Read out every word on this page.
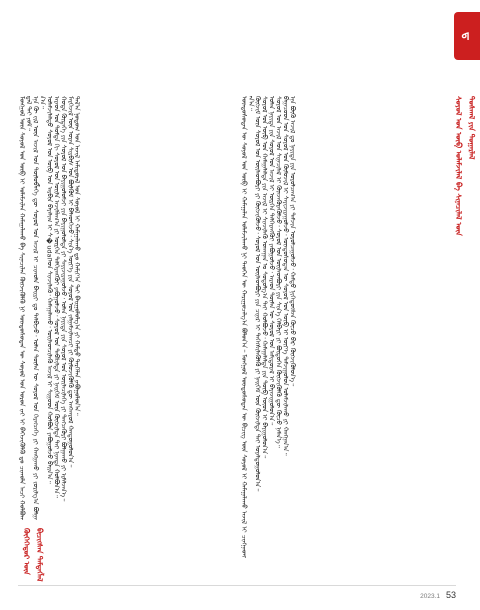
ᠳ
ᠮᠣᠩᠭᠣᠯ ᠦᠨ ᠰᠣᠶᠣᠯ ᠤᠨ ᠦᠪ ᠢ ᠤᠯᠠᠮᠵᠢᠯᠠᠨ ᠬᠠᠮᠠᠭᠠᠯᠠᠬᠤ ᠪᠠ ᠰᠢᠨᠡᠴᠢᠯᠡᠨ ᠬᠥᠭᠵᠢᠭᠦᠯᠬᠦ ᠨᠢ ᠦᠨᠳᠦᠰᠦᠲᠡᠨ ᠦ ᠰᠣᠶᠣᠯ ᠤᠨ ᠣᠷᠣᠨ ᠵᠠᠶ ᠢ ᠪᠡᠬᠡᠵᠢᠭᠦᠯᠬᠦ ᠳᠤ ᠴᠢᠬᠤᠯᠠ ᠠᠴᠢ ᠬᠣᠯᠪᠣᠭᠳᠠᠯ ᠲᠠᠢ ᠶᠤᠮ᠃
ᠡᠨᠡ ᠬᠦ ᠵᠢᠯ ᠦᠨ ᠠᠵᠢᠯ ᠤᠨ ᠲᠥᠯᠥᠪᠯᠡᠭᠡ ᠳᠦ ᠰᠣᠶᠣᠯ ᠤᠨ ᠠᠵᠢᠯ ᠢ ᠴᠢᠬᠤᠯᠠ ᠪᠠᠢᠷᠢ ᠳᠤ ᠲᠠᠯᠪᠢᠵᠤ᠂ ᠣᠯᠠᠨ ᠲᠦᠮᠡᠨ ᠦ ᠰᠣᠶᠣᠯ ᠤᠨ ᠬᠡᠷᠡᠭᠴᠡᠭᠡ ᠶᠢ ᠬᠠᠩᠭᠠᠬᠤ ᠶᠢ ᠵᠣᠷᠢᠯᠭ᠎ᠠ ᠪᠣᠯᠭᠠᠨ᠎ᠠ᠃
ᠤᠯᠠᠮᠵᠢᠯᠠᠯᠲᠤ ᠰᠣᠶᠣᠯ ᠤᠨ ᠦᠪ ᠤᠨ ᠠᠷᠪᠢᠨ ᠪᠠᠶᠠᠯᠢᠭ ᠢ ᠰ�udalᠤᠨ ᠰᠢᠨᠵᠢᠯᠡᠬᠦ᠂ ᠬᠠᠮᠠᠭᠠᠯᠠᠬᠤ᠂ ᠦᠢᠯᠡᠳᠴᠢᠯᠡᠬᠦ ᠠᠵᠢᠯ ᠢ ᠰᠢᠭᠤᠳ ᠬᠣᠯᠪᠣᠨ ᠶᠠᠪᠤᠭᠤᠯᠵᠤ ᠪᠠᠢᠨ᠎ᠠ᠃
ᠠᠷᠠᠳ ᠤᠨ ᠳᠤᠮᠳᠠ ᠬᠢ ᠰᠣᠶᠣᠯ ᠤᠨ ᠦᠢᠯᠡ ᠠᠵᠢᠯᠯᠠᠭ᠎ᠠ ᠶᠢ ᠥᠷᠭᠡᠨ ᠳᠡᠯᠭᠡᠷᠡᠩᠭᠦᠢ ᠶᠠᠪᠤᠭᠤᠯᠵᠤ᠂ ᠰᠣᠶᠣᠯ ᠤᠨ ᠳᠡᠪᠰᠢᠯᠲᠡ ᠶᠢ ᠨᠡᠢᠭᠡᠮ ᠦᠨ ᠬᠥᠭᠵᠢᠯᠲᠡ ᠲᠡᠢ ᠨᠢᠭᠲᠠ ᠬᠣᠯᠪᠣᠨ᠎ᠠ᠃
ᠬᠣᠲᠠ ᠬᠥᠳᠡᠭᠡ ᠶᠢᠨ ᠰᠣᠶᠣᠯ ᠤᠨ ᠪᠠᠶᠢᠭᠤᠯᠤᠮᠵᠢ ᠶᠢᠨ ᠪᠠᠶᠢᠭᠤᠯᠤᠯᠲᠠ ᠶᠢ ᠰᠠᠶᠢᠵᠢᠷᠠᠭᠤᠯᠵᠤ᠂ ᠣᠯᠠᠨ ᠨᠡᠶᠢᠲᠡ ᠶᠢᠨ ᠰᠣᠶᠣᠯ ᠤᠨ ᠦᠢᠯᠡᠴᠢᠯᠡᠭᠡ ᠶᠢ ᠲᠡᠩᠴᠡᠭᠦᠷᠢ ᠪᠣᠯᠭᠠᠬᠤ ᠶᠢ ᠡᠷᠮᠡᠯᠵᠡᠨ᠎ᠡ᠃
ᠮᠡᠷᠭᠡᠵᠢᠯ ᠦᠨ ᠤᠷᠠᠨ ᠰᠢᠷᠪᠢᠰ ᠤᠨ ᠪᠦᠯᠬᠦᠮ ᠢ ᠪᠡᠯᠡᠳᠬᠡᠵᠦ᠂ ᠰᠢᠨ᠎ᠡ ᠦᠶ᠎ᠡ ᠶᠢᠨ ᠰᠣᠶᠣᠯ ᠤᠨ ᠵᠠᠯᠭᠠᠮᠵᠢᠯᠠᠭᠴᠢ ᠶᠢ ᠬᠥᠮᠦᠵᠢᠭᠦᠯᠬᠦ ᠳᠦ ᠠᠩᠬᠠᠷᠤᠯ ᠬᠠᠨᠳᠤᠭᠤᠯᠤᠨ᠎ᠠ᠃
ᠲᠠᠯ᠎ᠠ ᠨᠤᠲᠤᠭ ᠤᠨ ᠠᠵᠢᠯ ᠠᠮᠢᠳᠤᠷᠠᠯ ᠤᠨ ᠰᠣᠶᠣᠯ ᠢ ᠬᠠᠮᠠᠭᠠᠯᠠᠬᠤ ᠳᠤ ᠬᠠᠮᠢᠶ᠎ᠠ ᠲᠡᠢ ᠪᠠᠢᠭᠤᠯᠤᠯᠭ᠎ᠠ ᠶᠢ ᠬᠠᠮᠲᠤ ᠲᠡᠷᠭᠡᠯᠡᠨ ᠶᠠᠪᠤᠭᠤᠯᠤᠨ᠎ᠠ᠃	ᠦᠨᠳᠦᠰᠦᠲᠡᠨ ᠦ ᠰᠣᠶᠣᠯ ᠤᠨ ᠦᠪ ᠢ ᠬᠠᠮᠠᠭᠠᠯᠠᠨ ᠤᠯᠠᠮᠵᠢᠯᠠᠬᠤ ᠨᠢ ᠲᠡᠦᠬᠡᠨ ᠦ ᠬᠠᠷᠢᠭᠤᠴᠠᠯᠭ᠎ᠠ ᠪᠣᠯᠣᠨ᠎ᠠ᠃ ᠮᠣᠩᠭᠣᠯ ᠦᠨᠳᠦᠰᠦᠲᠡᠨ ᠦ ᠪᠢᠴᠢᠭ ᠦᠨ ᠰᠣᠶᠣᠯ ᠢ ᠬᠠᠮᠠᠭᠠᠯᠠᠬᠤ ᠠᠵᠢᠯ ᠢ ᠴᠢᠩᠭᠠᠳᠬᠠᠨ᠎ᠠ᠃
ᠬᠥᠭᠵᠢᠮ ᠦᠨ ᠰᠣᠶᠣᠯ ᠤᠨ ᠦᠢᠯᠡᠳᠪᠦᠷᠢ ᠶᠢ ᠬᠥᠭᠵᠢᠭᠦᠯᠵᠦ᠂ ᠰᠣᠶᠣᠯ ᠤᠨ ᠦᠢᠯᠡᠳᠪᠦᠷᠢ ᠶᠢᠨ ᠴᠢᠨᠠᠷ ᠢ ᠳᠡᠭᠡᠭᠰᠢᠯᠡᠭᠦᠯᠬᠦ ᠶᠢ ᠨᠡᠢᠭᠡᠮ ᠦᠨ ᠬᠥᠭᠵᠢᠯᠲᠡ ᠲᠡᠢ ᠤᠶᠠᠯᠳᠤᠭᠤᠯᠤᠨ᠎ᠠ᠃
ᠰᠣᠶᠣᠯ ᠤᠨ ᠦᠪ ᠤᠨ ᠬᠠᠮᠠᠭᠠᠯᠠᠯᠲᠠ ᠶᠢᠨ ᠠᠵᠢᠯ ᠢ ᠰᠢᠨᠵᠢᠯᠡᠬᠦ ᠤᠬᠠᠭᠠᠨ ᠤ ᠰᠤᠳᠤᠯᠭ᠎ᠠ ᠲᠡᠢ ᠬᠣᠯᠪᠣᠵᠤ᠂ ᠬᠠᠮᠠᠭᠠᠯᠠᠯᠲᠠ ᠶᠢᠨ ᠲᠥᠪ ᠦᠳ ᠢ ᠪᠠᠶᠢᠭᠤᠯᠤᠨ᠎ᠠ᠃
ᠣᠯᠠᠨ ᠨᠡᠶᠢᠲᠡ ᠶᠢᠨ ᠰᠣᠶᠣᠯ ᠤᠨ ᠠᠵᠢᠯ ᠢ ᠥᠷᠭᠡᠨ ᠳᠡᠯᠭᠡᠷᠡᠩᠭᠦᠢ ᠶᠠᠪᠤᠭᠤᠯᠵᠤ᠂ ᠠᠷᠠᠳ ᠲᠦᠮᠡᠨ ᠦ ᠰᠣᠶᠣᠯ ᠤᠨ ᠠᠮᠢᠳᠤᠷᠠᠯ ᠢ ᠪᠠᠶᠠᠵᠢᠭᠤᠯᠤᠨ᠎ᠠ᠃
ᠰᠣᠶᠣᠯ ᠤᠨ ᠠᠵᠢᠯ ᠤᠨ ᠰᠢᠨᠡᠴᠢᠯᠡᠯ ᠢ ᠭᠦᠨᠵᠡᠭᠦᠷᠡᠭᠦᠯᠵᠦ᠂ ᠰᠣᠶᠣᠯ ᠤᠨ ᠦᠢᠯᠡᠳᠪᠦᠷᠢ ᠶᠢᠨ ᠰᠢᠨ᠎ᠡ ᠬᠡᠯᠪᠡᠷᠢ ᠶᠢ ᠪᠦᠲᠦᠭᠡᠨ ᠬᠥᠭᠵᠢᠭᠦᠯᠬᠦ ᠳᠦ ᠬᠦᠴᠦ ᠨᠡᠮᠡᠨ᠎ᠡ᠃
ᠪᠠᠭᠠᠴᠤᠳ ᠤᠨ ᠰᠣᠶᠣᠯ ᠤᠨ ᠬᠦᠮᠦᠵᠢᠯ ᠢ ᠰᠠᠶᠢᠵᠢᠷᠠᠭᠤᠯᠵᠤ᠂ ᠦᠨᠳᠦᠰᠦᠲᠡᠨ ᠦ ᠰᠣᠶᠣᠯ ᠤᠨ ᠦᠪ ᠢ ᠦᠶ᠎ᠡ ᠳᠠᠮᠵᠢᠭᠤᠯᠤᠨ ᠤᠯᠠᠮᠵᠢᠯᠠᠬᠤ ᠶᠢ ᠬᠠᠩᠭᠠᠨ᠎ᠠ᠃
ᠡᠨᠡ ᠪᠦᠬᠦ ᠠᠵᠢᠯ ᠳᠤ ᠨᠡᠶᠢᠲᠡ ᠶᠢᠨ ᠣᠷᠣᠯᠴᠠᠭ᠎ᠠ ᠶᠢ ᠳᠡᠮᠵᠢᠨ ᠣᠷᠣᠯᠴᠠᠭᠤᠯᠵᠤ᠂ ᠬᠠᠮᠲᠤ ᠨᠢᠭᠡᠳᠦᠭᠰᠡᠨ ᠬᠦᠴᠦ ᠪᠡᠷ ᠬᠥᠭᠵᠢᠭᠦᠯᠦᠨ᠎ᠡ᠃	ᠰᠣᠶᠣᠯ ᠤᠨ ᠦᠪ ᠤᠯᠠᠮᠵᠢᠯᠠᠯ ᠪᠠ ᠰᠢᠨᠡᠴᠢᠯᠡᠯ ᠦᠨ ᠳᠣᠰᠬᠠᠯ ᠶᠢᠨ ᠳᠤᠭᠠᠷᠯᠠᠯ
ᠬᠦᠬᠡᠬᠡᠲᠦᠷ ᠦᠨ ᠪᠢᠴᠢᠭᠰᠡᠨ ᠲᠡᠮᠳᠡᠭᠯᠡᠯ
2023.1 53
